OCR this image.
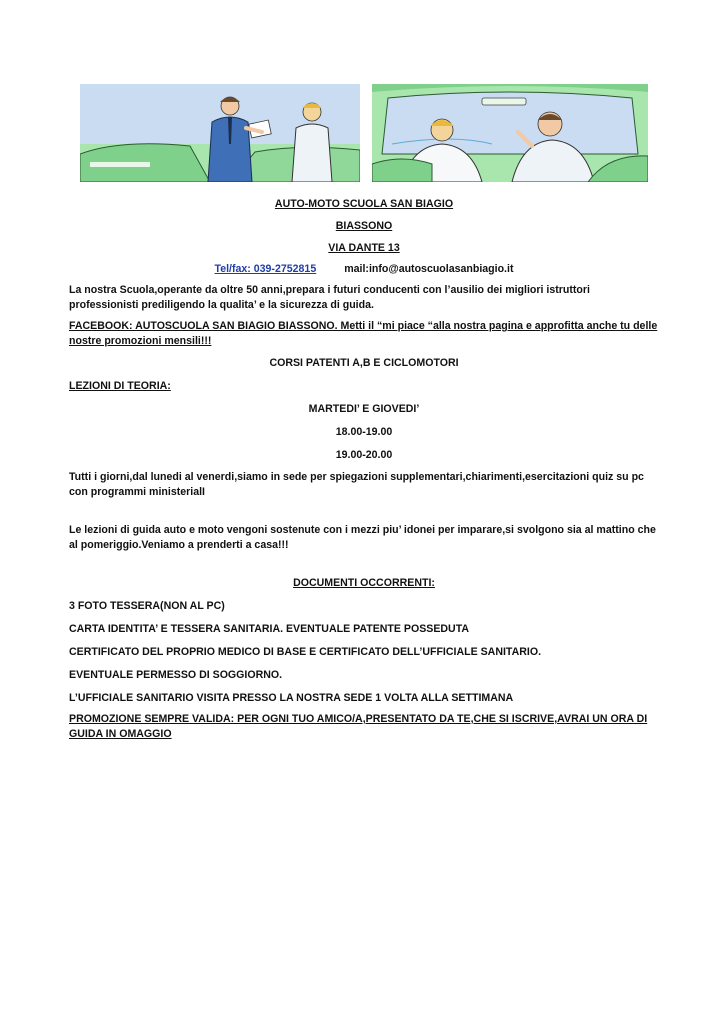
AUTO-MOTO SCUOLA SAN BIAGIO

BIASSONO

VIA DANTE 13

Tel/fax: 039-2752815	mail:info@autoscuolasanbiagio.it

La nostra Scuola,operante da oltre 50 anni,prepara i futuri conducenti con l’ausilio dei migliori istruttori professionisti prediligendo la qualita’ e la sicurezza di guida.

FACEBOOK: AUTOSCUOLA SAN BIAGIO BIASSONO. Metti il “mi piace “alla nostra pagina e approfitta anche tu delle nostre promozioni mensili!!!

CORSI PATENTI A,B E CICLOMOTORI

LEZIONI DI TEORIA:

MARTEDI’ E GIOVEDI’

18.00-19.00

19.00-20.00

Tutti i giorni,dal lunedi al venerdi,siamo in sede per spiegazioni supplementari,chiarimenti,esercitazioni quiz su pc con programmi ministerialI

Le lezioni di guida auto e moto vengoni sostenute con i mezzi piu’ idonei per imparare,si svolgono sia al mattino che al pomeriggio.Veniamo a prenderti a casa!!!

DOCUMENTI OCCORRENTI:

3 FOTO TESSERA(NON AL PC)

CARTA IDENTITA’ E TESSERA SANITARIA. EVENTUALE PATENTE POSSEDUTA

CERTIFICATO DEL PROPRIO MEDICO DI BASE E CERTIFICATO DELL’UFFICIALE SANITARIO.

EVENTUALE PERMESSO DI SOGGIORNO.

L’UFFICIALE SANITARIO VISITA PRESSO LA NOSTRA SEDE 1 VOLTA ALLA SETTIMANA

PROMOZIONE SEMPRE VALIDA: PER OGNI TUO AMICO/A,PRESENTATO DA TE,CHE SI ISCRIVE,AVRAI UN ORA DI GUIDA IN OMAGGIO
